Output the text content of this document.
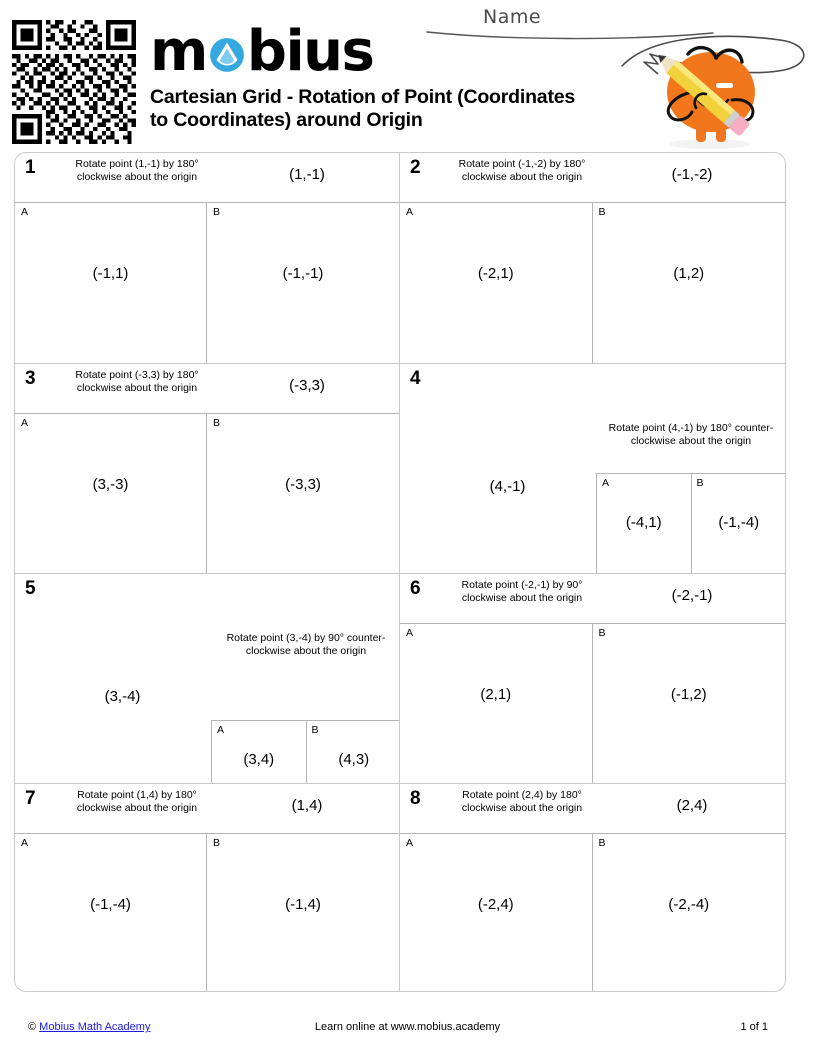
m bius
Cartesian Grid - Rotation of Point (Coordinates to Coordinates) around Origin
Name
1	Rotate point (1,-1) by 180° clockwise about the origin	(1,-1)
A
(-1,1)
B
(-1,-1)
2	Rotate point (-1,-2) by 180° clockwise about the origin	(-1,-2)
A
(-2,1)
B
(1,2)
3	Rotate point (-3,3) by 180° clockwise about the origin	(-3,3)
A
(3,-3)
B
(-3,3)
4
Rotate point (4,-1) by 180° counter-clockwise about the origin
(4,-1)	A
(-4,1)
B
(-1,-4)
5
Rotate point (3,-4) by 90° counter-clockwise about the origin
(3,-4)
A
(3,4)
B
(4,3)
6	Rotate point (-2,-1) by 90° clockwise about the origin	(-2,-1)
A
(2,1)
B
(-1,2)
7	Rotate point (1,4) by 180° clockwise about the origin	(1,4)
A
(-1,-4)
B
(-1,4)
8	Rotate point (2,4) by 180° clockwise about the origin	(2,4)
A
(-2,4)
B
(-2,-4)
© Mobius Math Academy	Learn online at www.mobius.academy	1 of 1
